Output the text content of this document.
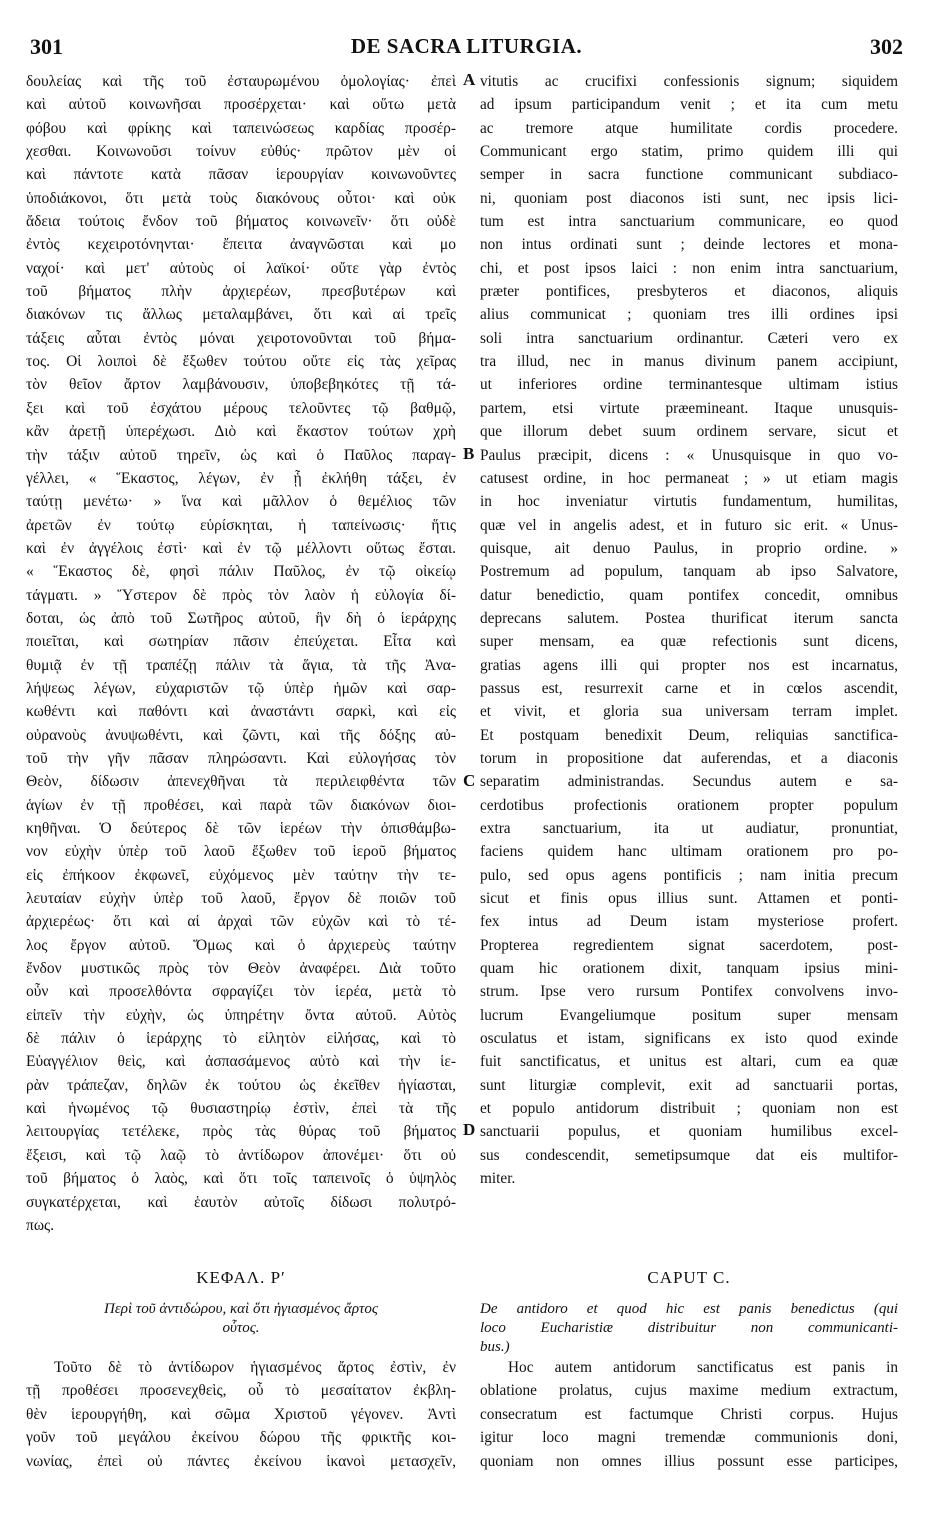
301	DE SACRA LITURGIA.	302
δουλείας καὶ τῆς τοῦ ἐσταυρωμένου ὁμολογίας· ἐπεὶ
καὶ αὐτοῦ κοινωνῆσαι προσέρχεται· καὶ οὕτω μετὰ
φόβου καὶ φρίκης καὶ ταπεινώσεως καρδίας προσέρ-
χεσθαι. Κοινωνοῦσι τοίνυν εὐθύς· πρῶτον μὲν οἱ
καὶ πάντοτε κατὰ πᾶσαν ἱερουργίαν κοινωνοῦντες
ὑποδιάκονοι, ὅτι μετὰ τοὺς διακόνους οὗτοι· καὶ οὐκ
ἄδεια τούτοις ἔνδον τοῦ βήματος κοινωνεῖν· ὅτι οὐδὲ
ἐντὸς κεχειροτόνηνται· ἔπειτα ἀναγνῶσται καὶ μο
ναχοί· καὶ μετ' αὐτοὺς οἱ λαϊκοί· οὔτε γὰρ ἐντὸς
τοῦ βήματος πλὴν ἀρχιερέων, πρεσβυτέρων καὶ
διακόνων τις ἄλλως μεταλαμβάνει, ὅτι καὶ αἱ τρεῖς
τάξεις αὗται ἐντὸς μόναι χειροτονοῦνται τοῦ βήμα-
τος. Οἱ λοιποὶ δὲ ἔξωθεν τούτου οὔτε εἰς τὰς χεῖρας
τὸν θεῖον ἄρτον λαμβάνουσιν, ὑποβεβηκότες τῇ τά-
ξει καὶ τοῦ ἐσχάτου μέρους τελοῦντες τῷ βαθμῷ,
κἂν ἀρετῇ ὑπερέχωσι. Διὸ καὶ ἕκαστον τούτων χρὴ
τὴν τάξιν αὐτοῦ τηρεῖν, ὡς καὶ ὁ Παῦλος παραγ-
γέλλει, « Ἕκαστος, λέγων, ἐν ᾗ ἐκλήθη τάξει, ἐν
ταύτῃ μενέτω· » ἵνα καὶ μᾶλλον ὁ θεμέλιος τῶν
ἀρετῶν ἐν τούτῳ εὑρίσκηται, ἡ ταπείνωσις· ἥτις
καὶ ἐν ἀγγέλοις ἐστὶ· καὶ ἐν τῷ μέλλοντι οὕτως ἔσται.
« Ἕκαστος δὲ, φησὶ πάλιν Παῦλος, ἐν τῷ οἰκείῳ
τάγματι. » Ὕστερον δὲ πρὸς τὸν λαὸν ἡ εὐλογία δί-
δοται, ὡς ἀπὸ τοῦ Σωτῆρος αὐτοῦ, ἣν δὴ ὁ ἱεράρχης
ποιεῖται, καὶ σωτηρίαν πᾶσιν ἐπεύχεται. Εἶτα καὶ
θυμιᾷ ἐν τῇ τραπέζῃ πάλιν τὰ ἅγια, τὰ τῆς Ἀνα-
λήψεως λέγων, εὐχαριστῶν τῷ ὑπὲρ ἡμῶν καὶ σαρ-
κωθέντι καὶ παθόντι καὶ ἀναστάντι σαρκὶ, καὶ εἰς
οὐρανοὺς ἀνυψωθέντι, καὶ ζῶντι, καὶ τῆς δόξης αὐ-
τοῦ τὴν γῆν πᾶσαν πληρώσαντι. Καὶ εὐλογήσας τὸν
Θεὸν, δίδωσιν ἀπενεχθῆναι τὰ περιλειφθέντα τῶν
ἁγίων ἐν τῇ προθέσει, καὶ παρὰ τῶν διακόνων διοι-
κηθῆναι. Ὁ δεύτερος δὲ τῶν ἱερέων τὴν ὀπισθάμβω-
νον εὐχὴν ὑπὲρ τοῦ λαοῦ ἔξωθεν τοῦ ἱεροῦ βήματος
εἰς ἐπήκοον ἐκφωνεῖ, εὐχόμενος μὲν ταύτην τὴν τε-
λευταίαν εὐχὴν ὑπὲρ τοῦ λαοῦ, ἔργον δὲ ποιῶν τοῦ
ἀρχιερέως· ὅτι καὶ αἱ ἀρχαὶ τῶν εὐχῶν καὶ τὸ τέ-
λος ἔργον αὐτοῦ. Ὅμως καὶ ὁ ἀρχιερεὺς ταύτην
ἔνδον μυστικῶς πρὸς τὸν Θεὸν ἀναφέρει. Διὰ τοῦτο
οὖν καὶ προσελθόντα σφραγίζει τὸν ἱερέα, μετὰ τὸ
εἰπεῖν τὴν εὐχὴν, ὡς ὑπηρέτην ὄντα αὐτοῦ. Αὐτὸς
δὲ πάλιν ὁ ἱεράρχης τὸ εἰλητὸν εἱλήσας, καὶ τὸ
Εὐαγγέλιον θεὶς, καὶ ἀσπασάμενος αὐτὸ καὶ τὴν ἱε-
ρὰν τράπεζαν, δηλῶν ἐκ τούτου ὡς ἐκεῖθεν ἡγίασται,
καὶ ἡνωμένος τῷ θυσιαστηρίῳ ἐστὶν, ἐπεὶ τὰ τῆς
λειτουργίας τετέλεκε, πρὸς τὰς θύρας τοῦ βήματος
ἔξεισι, καὶ τῷ λαῷ τὸ ἀντίδωρον ἀπονέμει· ὅτι οὐ
τοῦ βήματος ὁ λαὸς, καὶ ὅτι τοῖς ταπεινοῖς ὁ ὑψηλὸς
συγκατέρχεται, καὶ ἑαυτὸν αὐτοῖς δίδωσι πολυτρό-
πως.
vitutis ac crucifixi confessionis signum; siquidem
ad ipsum participandum venit ; et ita cum metu
ac tremore atque humilitate cordis procedere.
Communicant ergo statim, primo quidem illi qui
semper in sacra functione communicant subdiaco-
ni, quoniam post diaconos isti sunt, nec ipsis lici-
tum est intra sanctuarium communicare, eo quod
non intus ordinati sunt ; deinde lectores et mona-
chi, et post ipsos laici : non enim intra sanctuarium,
præter pontifices, presbyteros et diaconos, aliquis
alius communicat ; quoniam tres illi ordines ipsi
soli intra sanctuarium ordinantur. Cæteri vero ex
tra illud, nec in manus divinum panem accipiunt,
ut inferiores ordine terminantesque ultimam istius
partem, etsi virtute præemineant. Itaque unusquis-
que illorum debet suum ordinem servare, sicut et
Paulus præcipit, dicens : « Unusquisque in quo vo-
catusest ordine, in hoc permaneat ; » ut etiam magis
in hoc inveniatur virtutis fundamentum, humilitas,
quæ vel in angelis adest, et in futuro sic erit. « Unus-
quisque, ait denuo Paulus, in proprio ordine. »
Postremum ad populum, tanquam ab ipso Salvatore,
datur benedictio, quam pontifex concedit, omnibus
deprecans salutem. Postea thurificat iterum sancta
super mensam, ea quæ refectionis sunt dicens,
gratias agens illi qui propter nos est incarnatus,
passus est, resurrexit carne et in cœlos ascendit,
et vivit, et gloria sua universam terram implet.
Et postquam benedixit Deum, reliquias sanctifica-
torum in propositione dat auferendas, et a diaconis
separatim administrandas. Secundus autem e sa-
cerdotibus profectionis orationem propter populum
extra sanctuarium, ita ut audiatur, pronuntiat,
faciens quidem hanc ultimam orationem pro po-
pulo, sed opus agens pontificis ; nam initia precum
sicut et finis opus illius sunt. Attamen et ponti-
fex intus ad Deum istam mysteriose profert.
Propterea regredientem signat sacerdotem, post-
quam hic orationem dixit, tanquam ipsius mini-
strum. Ipse vero rursum Pontifex convolvens invo-
lucrum Evangeliumque positum super mensam
osculatus et istam, significans ex isto quod exinde
fuit sanctificatus, et unitus est altari, cum ea quæ
sunt liturgiæ complevit, exit ad sanctuarii portas,
et populo antidorum distribuit ; quoniam non est
sanctuarii populus, et quoniam humilibus excel-
sus condescendit, semetipsumque dat eis multifor-
miter.
A
B
C
D
ΚΕΦΑΛ. Ρʹ	CAPUT C.
Περὶ τοῦ ἀντιδώρου, καὶ ὅτι ἡγιασμένος ἄρτος
οὗτος.
De antidoro et quod hic est panis benedictus (qui
loco Eucharistiæ distribuitur non communicanti-
bus.)
Τοῦτο δὲ τὸ ἀντίδωρον ἡγιασμένος ἄρτος ἐστὶν, ἐν
τῇ προθέσει προσενεχθεὶς, οὗ τὸ μεσαίτατον ἐκβλη-
θὲν ἱερουργήθη, καὶ σῶμα Χριστοῦ γέγονεν. Ἀντὶ
γοῦν τοῦ μεγάλου ἐκείνου δώρου τῆς φρικτῆς κοι-
νωνίας, ἐπεὶ οὐ πάντες ἐκείνου ἱκανοὶ μετασχεῖν,
Hoc autem antidorum sanctificatus est panis in
oblatione prolatus, cujus maxime medium extractum,
consecratum est factumque Christi corpus. Hujus
igitur loco magni tremendæ communionis doni,
quoniam non omnes illius possunt esse participes,
